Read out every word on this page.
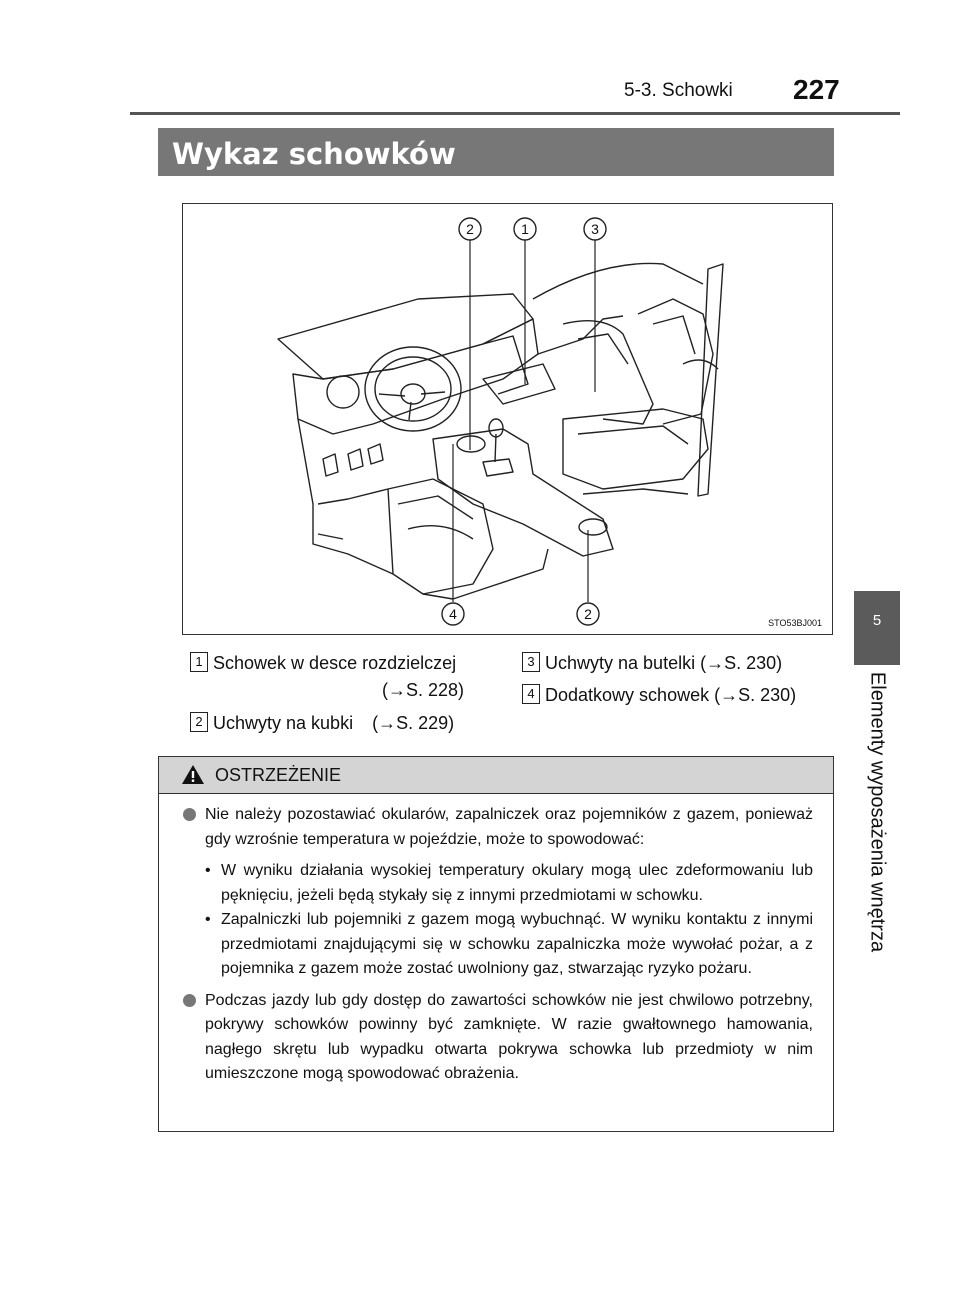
5-3. Schowki 227
5
Elementy wyposażenia wnętrza
Wykaz schowków
2	1	3
4	2
STO53BJ001
1 Schowek w desce rozdzielczej
(→S. 228)
2 Uchwyty na kubki (→S. 229)
3 Uchwyty na butelki (→S. 230)
4 Dodatkowy schowek (→S. 230)
OSTRZEŻENIE

Nie należy pozostawiać okularów, zapalniczek oraz pojemników z gazem, ponieważ gdy wzrośnie temperatura w pojeździe, może to spowodować:

• W wyniku działania wysokiej temperatury okulary mogą ulec zdeformowaniu lub pęknięciu, jeżeli będą stykały się z innymi przedmiotami w schowku.

• Zapalniczki lub pojemniki z gazem mogą wybuchnąć. W wyniku kontaktu z innymi przedmiotami znajdującymi się w schowku zapalniczka może wywołać pożar, a z pojemnika z gazem może zostać uwolniony gaz, stwarzając ryzyko pożaru.

Podczas jazdy lub gdy dostęp do zawartości schowków nie jest chwilowo potrzebny, pokrywy schowków powinny być zamknięte. W razie gwałtownego hamowania, nagłego skrętu lub wypadku otwarta pokrywa schowka lub przedmioty w nim umieszczone mogą spowodować obrażenia.
